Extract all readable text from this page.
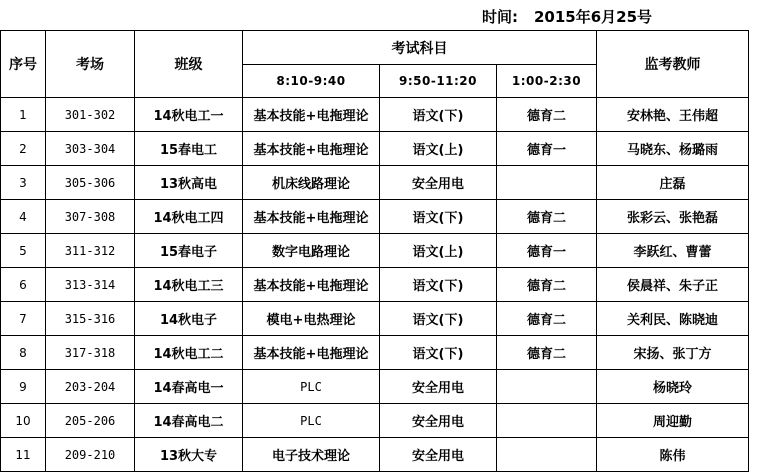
时间: 2015年6月25号
序号	考场	班级	考试科目			监考教师
			8:10-9:40	9:50-11:20	1:00-2:30	
1	301-302	14秋电工一	基本技能+电拖理论	语文(下)	德育二	安林艳、王伟超
2	303-304	15春电工	基本技能+电拖理论	语文(上)	德育一	马晓东、杨璐雨
3	305-306	13秋高电	机床线路理论	安全用电		庄磊
4	307-308	14秋电工四	基本技能+电拖理论	语文(下)	德育二	张彩云、张艳磊
5	311-312	15春电子	数字电路理论	语文(上)	德育一	李跃红、曹蕾
6	313-314	14秋电工三	基本技能+电拖理论	语文(下)	德育二	侯晨祥、朱子正
7	315-316	14秋电子	模电+电热理论	语文(下)	德育二	关利民、陈晓迪
8	317-318	14秋电工二	基本技能+电拖理论	语文(下)	德育二	宋扬、张丁方
9	203-204	14春高电一	PLC	安全用电		杨晓玲
10	205-206	14春高电二	PLC	安全用电		周迎勤
11	209-210	13秋大专	电子技术理论	安全用电		陈伟
